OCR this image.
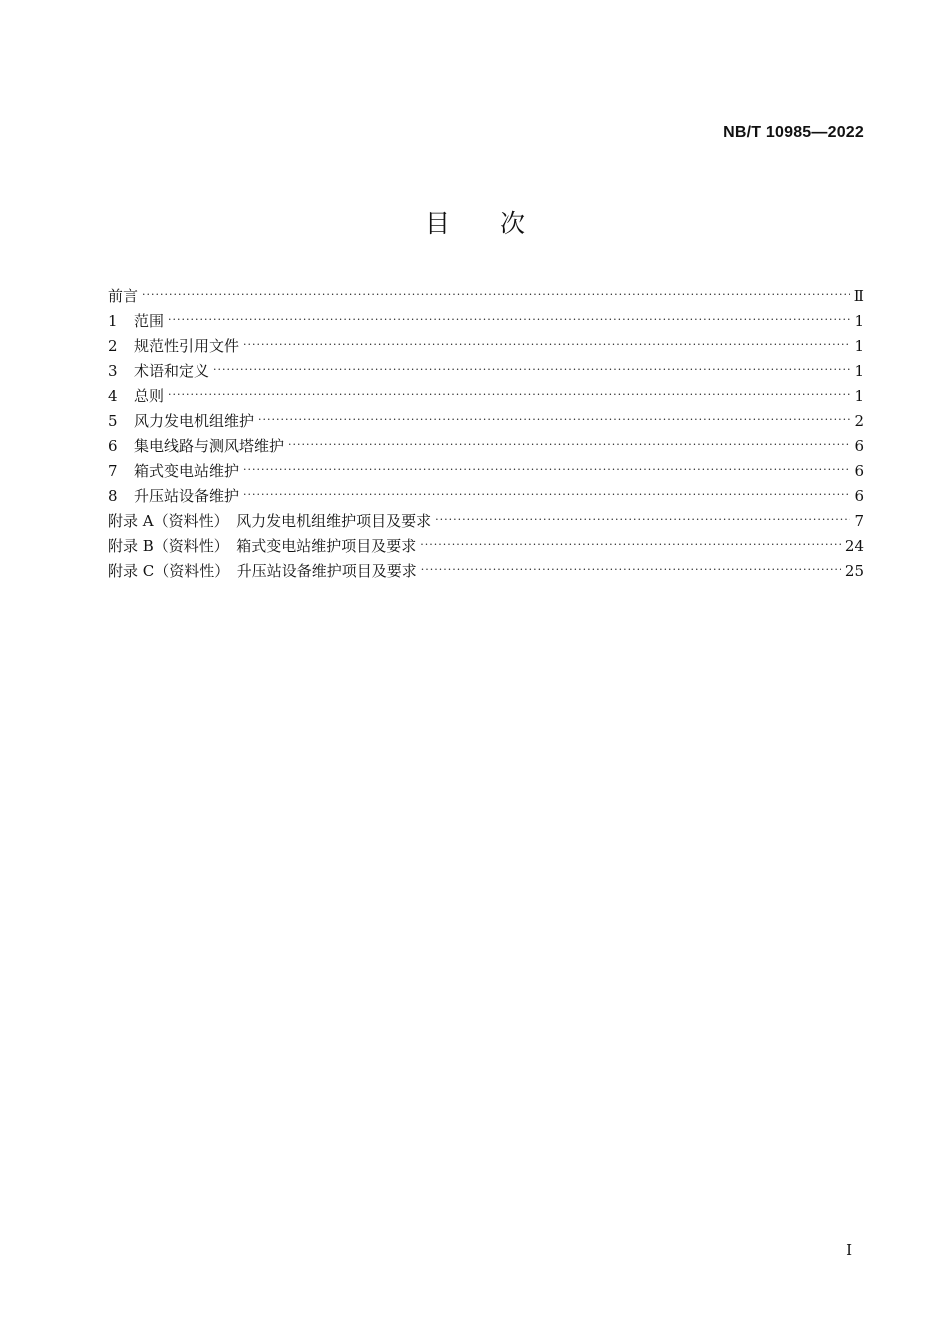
NB/T 10985—2022
目　　次
前言 ·····	Ⅱ
1	范围 ·····	1
2	规范性引用文件 ·····	1
3	术语和定义 ·····	1
4	总则 ·····	1
5	风力发电机组维护 ·····	2
6	集电线路与测风塔维护 ·····	6
7	箱式变电站维护 ·····	6
8	升压站设备维护 ·····	6
附录 A（资料性）　风力发电机组维护项目及要求 ·····	7
附录 B（资料性）　箱式变电站维护项目及要求 ·····	24
附录 C（资料性）　升压站设备维护项目及要求 ·····	25
I
